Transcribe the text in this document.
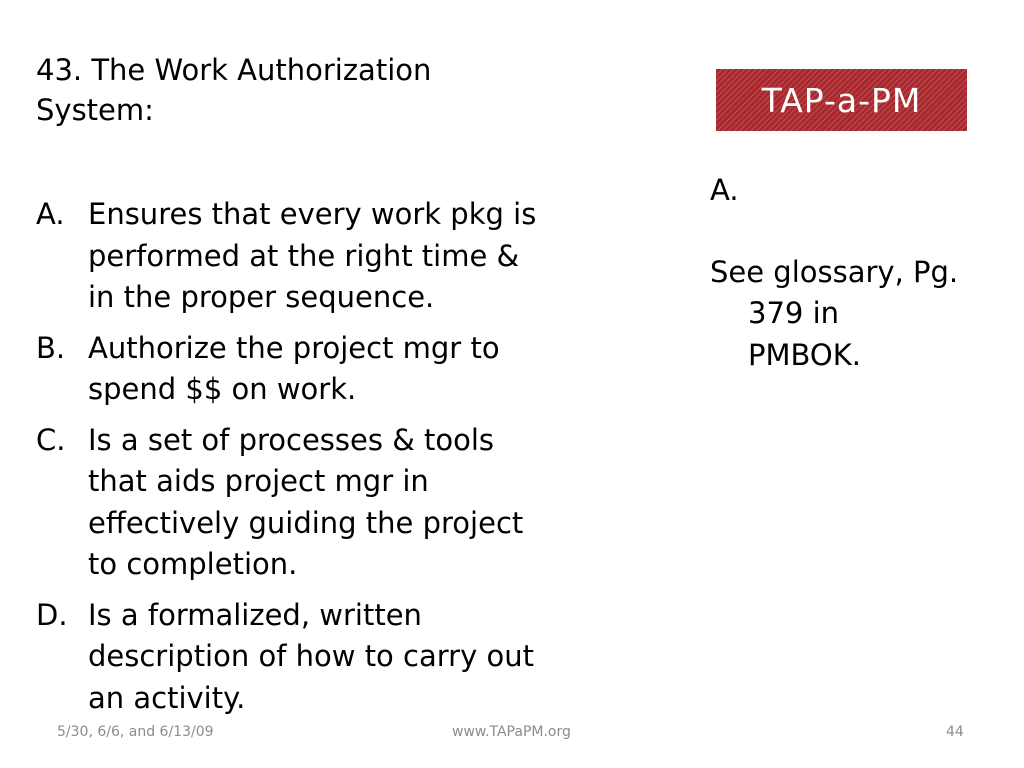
43. The Work Authorization System:	TAP-a-PM
A. Ensures that every work pkg is performed at the right time & in the proper sequence.
B. Authorize the project mgr to spend $$ on work.
C. Is a set of processes & tools that aids project mgr in effectively guiding the project to completion.
D. Is a formalized, written description of how to carry out an activity.
A.

See glossary, Pg. 379 in PMBOK.

5/30, 6/6, and 6/13/09	www.TAPaPM.org	44
